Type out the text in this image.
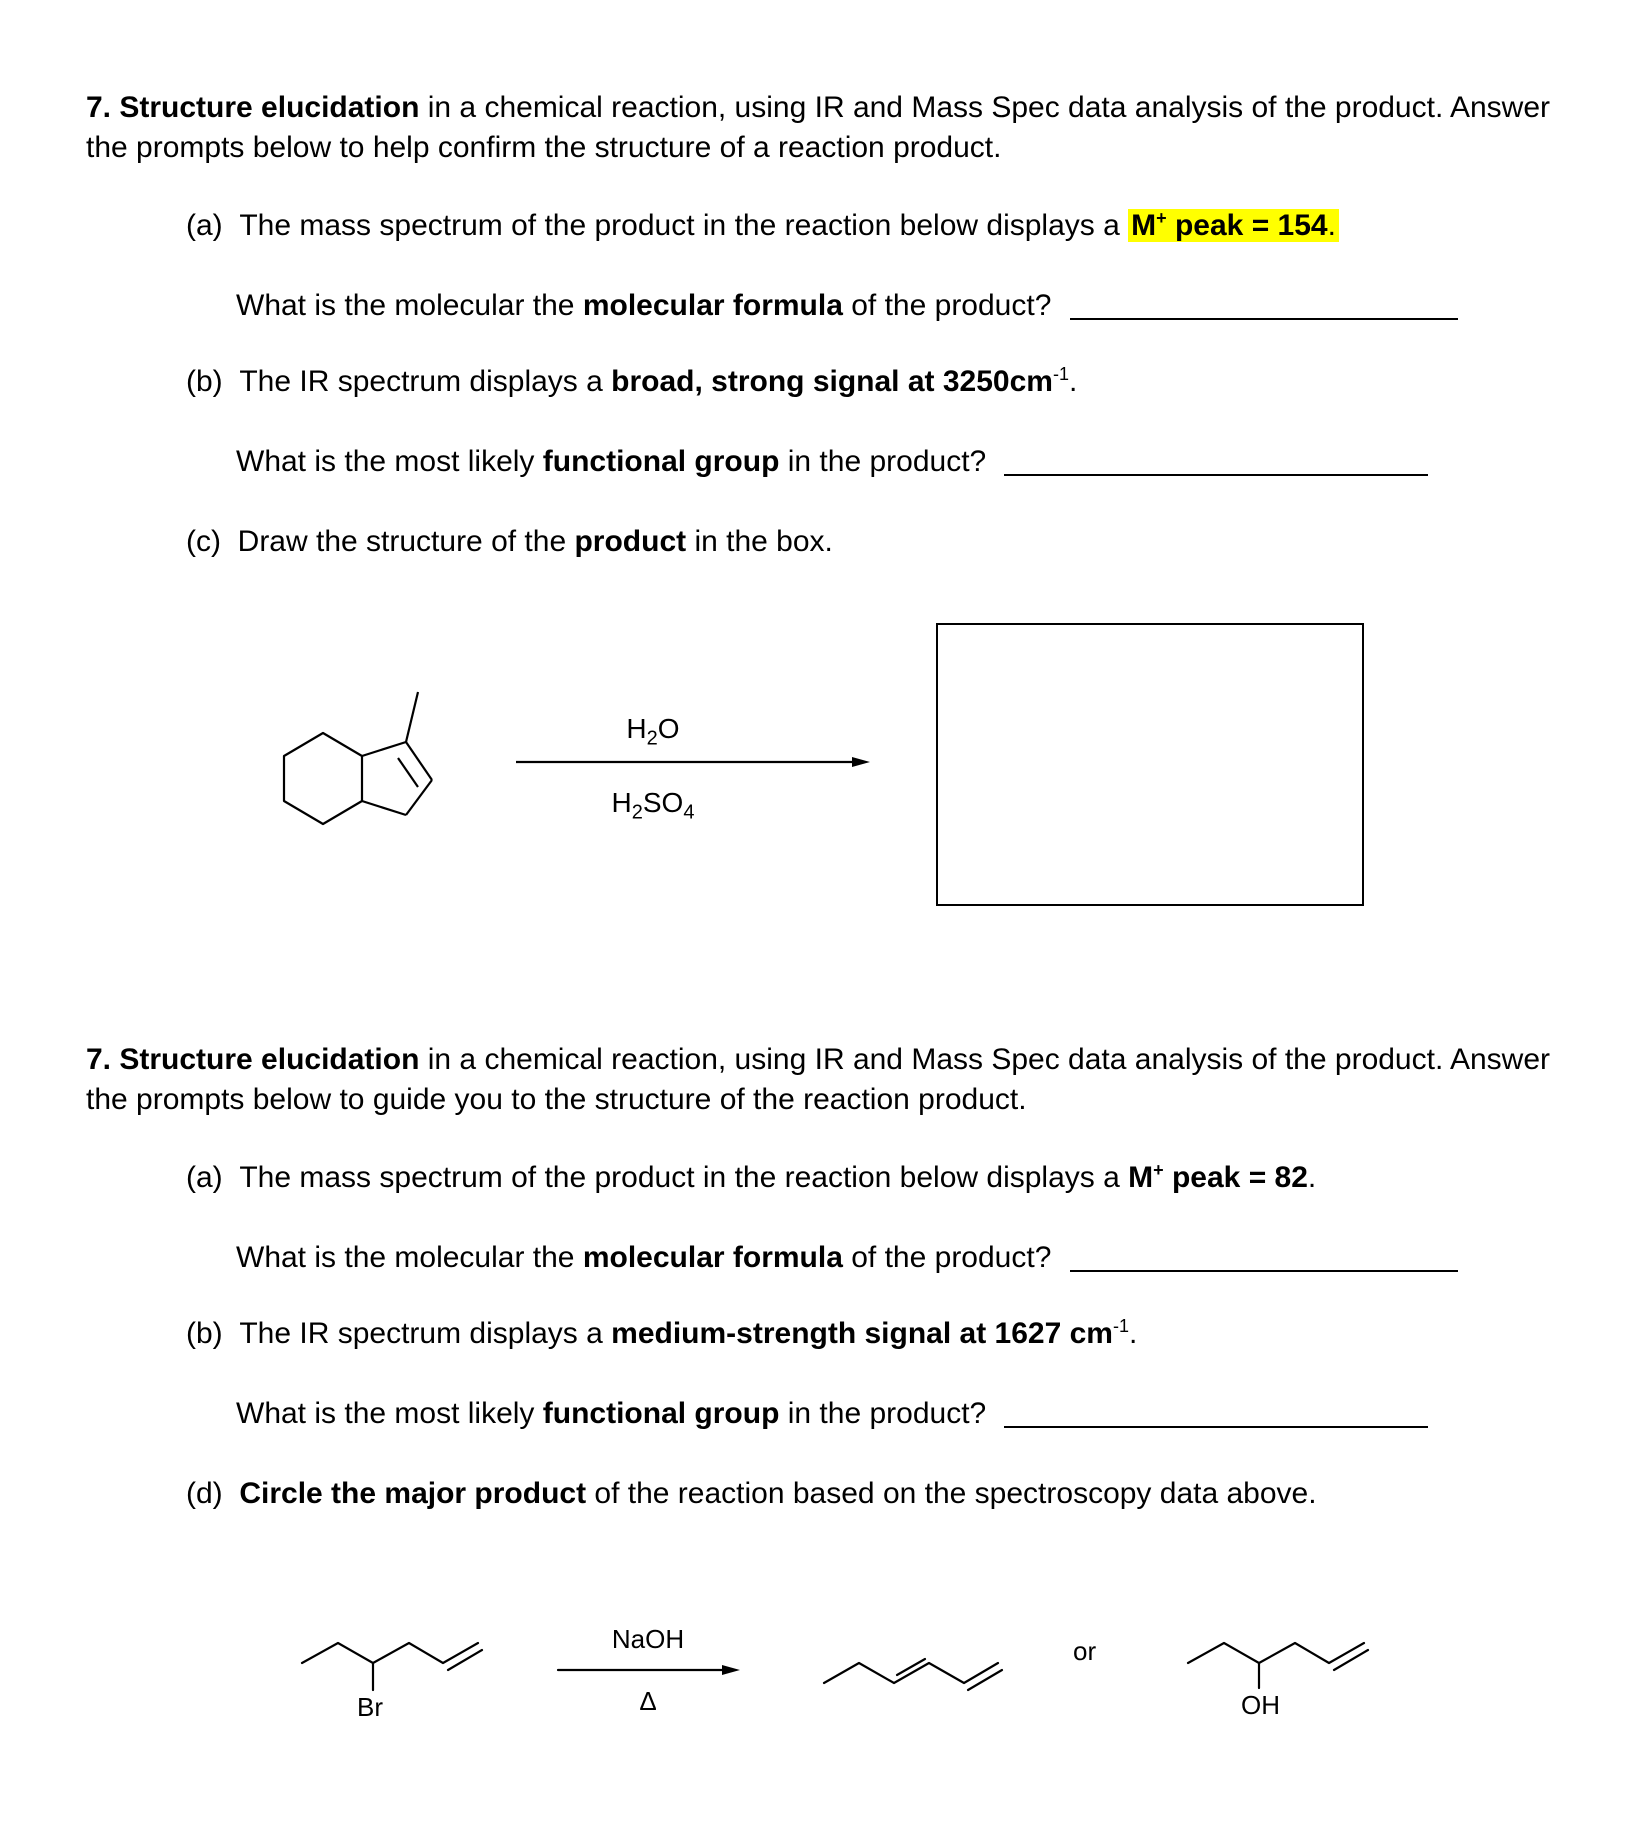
7. Structure elucidation in a chemical reaction, using IR and Mass Spec data analysis of the product. Answer the prompts below to help confirm the structure of a reaction product.
(a) The mass spectrum of the product in the reaction below displays a M+ peak = 154.
What is the molecular the molecular formula of the product?
(b) The IR spectrum displays a broad, strong signal at $3250cm^{-1}$.
What is the most likely functional group in the product?
(c) Draw the structure of the product in the box.
$H_2O$
$H_2SO_4$
7. Structure elucidation in a chemical reaction, using IR and Mass Spec data analysis of the product. Answer the prompts below to guide you to the structure of the reaction product.
(a) The mass spectrum of the product in the reaction below displays a M+ peak = 82.
What is the molecular the molecular formula of the product?
(b) The IR spectrum displays a medium-strength signal at 1627 $cm^{-1}$.
What is the most likely functional group in the product?
(d) Circle the major product of the reaction based on the spectroscopy data above.
Br
NaOH
Δ
or
OH
